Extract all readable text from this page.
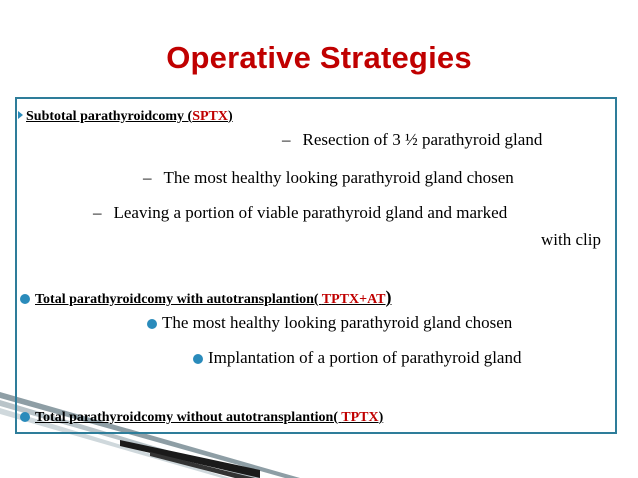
Operative Strategies
Subtotal parathyroidcomy (SPTX)
– Resection of 3 ½ parathyroid gland
– The most healthy looking parathyroid gland chosen
– Leaving a portion of viable parathyroid gland and marked
with clip
Total parathyroidcomy with autotransplantion( TPTX+AT)
The most healthy looking parathyroid gland chosen
Implantation of a portion of parathyroid gland
Total parathyroidcomy without autotransplantion( TPTX)
